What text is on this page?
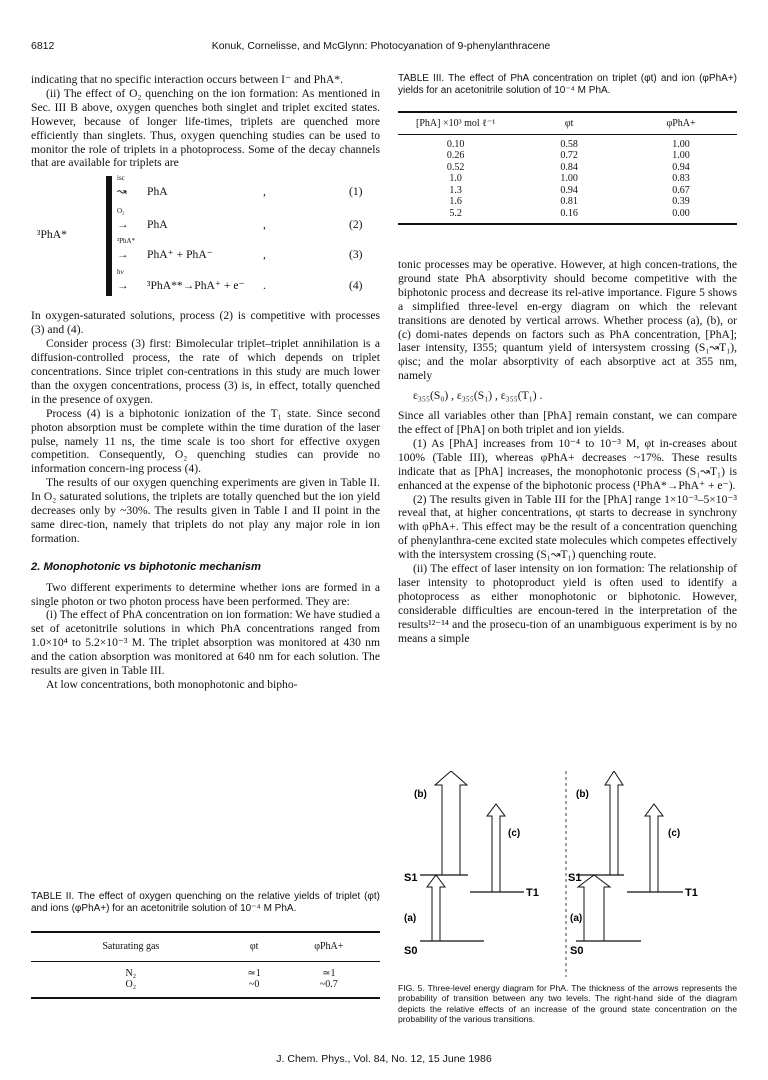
6812	Konuk, Cornelisse, and McGlynn: Photocyanation of 9-phenylanthracene

indicating that no specific interaction occurs between I⁻ and PhA*.

(ii) The effect of O₂ quenching on the ion formation: As mentioned in Sec. III B above, oxygen quenches both singlet and triplet excited states. However, because of longer life-times, triplets are quenched more efficiently than singlets. Thus, oxygen quenching studies can be used to monitor the role of triplets in a photoprocess. Some of the decay channels that are available for triplets are

³PhA*
isc
↝ PhA	,	(1)
O₂
→ PhA	,	(2)
³PhA*
→ PhA⁺ + PhA⁻	,	(3)
hν
→ ³PhA**→PhA⁺ + e⁻ .	(4)

In oxygen-saturated solutions, process (2) is competitive with processes (3) and (4).

Consider process (3) first: Bimolecular triplet–triplet annihilation is a diffusion-controlled process, the rate of which depends on triplet concentrations. Since triplet con-centrations in this study are much lower than the oxygen concentrations, process (3) is, in effect, totally quenched in the presence of oxygen.

Process (4) is a biphotonic ionization of the T₁ state. Since second photon absorption must be complete within the time duration of the laser pulse, namely 11 ns, the time scale is too short for effective oxygen competition. Consequently, O₂ quenching studies can provide no information concern-ing process (4).

The results of our oxygen quenching experiments are given in Table II. In O₂ saturated solutions, the triplets are totally quenched but the ion yield decreases only by ~30%. The results given in Table I and II point in the same direc-tion, namely that triplets do not play any major role in ion formation.

2. Monophotonic vs biphotonic mechanism

Two different experiments to determine whether ions are formed in a single photon or two photon process have been performed. They are:

(i) The effect of PhA concentration on ion formation: We have studied a set of acetonitrile solutions in which PhA concentrations ranged from 1.0×10⁴ to 5.2×10⁻³ M. The triplet absorption was monitored at 430 nm and the cation absorption was monitored at 640 nm for each solution. The results are given in Table III.

At low concentrations, both monophotonic and bipho-

TABLE II. The effect of oxygen quenching on the relative yields of triplet (φt) and ions (φPhA+) for an acetonitrile solution of 10⁻⁴ M PhA.
Saturating gas	φt	φPhA+
N₂	≃1	≃1
O₂	~0	~0.7
TABLE III. The effect of PhA concentration on triplet (φt) and ion (φPhA+) yields for an acetonitrile solution of 10⁻⁴ M PhA.
[PhA] ×10³ mol ℓ⁻¹	φt	φPhA+
0.10	0.58	1.00
0.26	0.72	1.00
0.52	0.84	0.94
1.0	1.00	0.83
1.3	0.94	0.67
1.6	0.81	0.39
5.2	0.16	0.00

tonic processes may be operative. However, at high concen-trations, the ground state PhA absorptivity should become competitive with the biphotonic process and decrease its rel-ative importance. Figure 5 shows a simplified three-level en-ergy diagram on which the relevant transitions are denoted by vertical arrows. Whether process (a), (b), or (c) domi-nates depends on factors such as PhA concentration, [PhA]; laser intensity, I355; quantum yield of intersystem crossing (S₁↝T₁), φisc; and the molar absorptivity of each absorptive act at 355 nm, namely

ε₃₅₅(S₀) , ε₃₅₅(S₁) , ε₃₅₅(T₁) .

Since all variables other than [PhA] remain constant, we can compare the effect of [PhA] on both triplet and ion yields.

(1) As [PhA] increases from 10⁻⁴ to 10⁻³ M, φt in-creases about 100% (Table III), whereas φPhA+ decreases ~17%. These results indicate that as [PhA] increases, the monophotonic process (S₁↝T₁) is enhanced at the expense of the biphotonic process (¹PhA*→PhA⁺ + e⁻).

(2) The results given in Table III for the [PhA] range 1×10⁻³–5×10⁻³ reveal that, at higher concentrations, φt starts to decrease in synchrony with φPhA+. This effect may be the result of a concentration quenching of phenylanthra-cene excited state molecules which competes effectively with the intersystem crossing (S₁↝T₁) quenching route.

(ii) The effect of laser intensity on ion formation: The relationship of laser intensity to photoproduct yield is often used to identify a photoprocess as either monophotonic or biphotonic. However, considerable difficulties are encoun-tered in the interpretation of the results¹²⁻¹⁴ and the prosecu-tion of an unambiguous experiment is by no means a simple

(b)
(c)
S1
T1
(a)
S0
(b)
(c)
S1
T1
(a)
S0
FIG. 5. Three-level energy diagram for PhA. The thickness of the arrows represents the probability of transition between any two levels. The right-hand side of the diagram depicts the relative effects of an increase of the ground state concentration on the probability of the various transitions.
J. Chem. Phys., Vol. 84, No. 12, 15 June 1986
